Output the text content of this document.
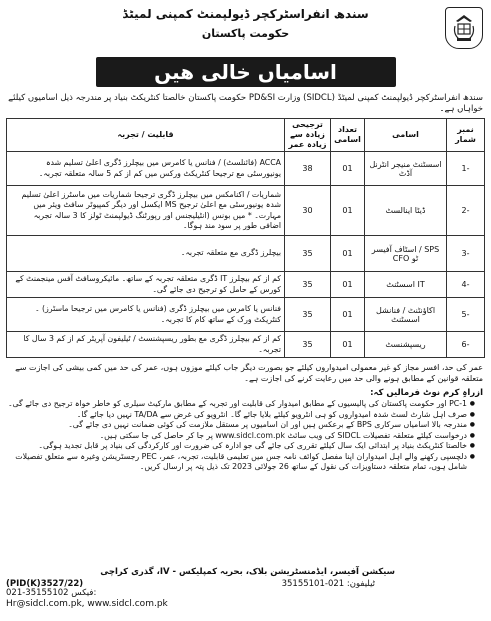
سندھ انفراسٹرکچر ڈیولپمنٹ کمپنی لمیٹڈ
حکومت پاکستان
اسامیاں خالی ھیں
سندھ انفراسٹرکچر ڈیولپمنٹ کمپنی لمیٹڈ (SIDCL) وزارت PD&SI حکومت پاکستان خالصتا کنٹریکٹ بنیاد پر مندرجہ ذیل اسامیوں کیلئے خواہاں ہے۔
نمبر شمار	اسامی	تعداد اسامی	ترجیحی زیادہ سے زیادہ عمر	قابلیت / تجربہ
-1	اسسٹنٹ منیجر انٹرنل آڈٹ	01	38	ACCA (فائنلسٹ) / فنانس یا کامرس میں بیچلرز ڈگری اعلیٰ تسلیم شدہ یونیورسٹی مع ترجیحا کنٹریکٹ ورکس میں کم از کم 5 سالہ متعلقہ تجربہ۔
-2	ڈیٹا اینالسٹ	01	30	شماریات / اکنامکس میں بیچلرز ڈگری ترجیحا شماریات میں ماسٹرز اعلیٰ تسلیم شدہ یونیورسٹی مع اعلیٰ ترجیح MS ایکسل اور دیگر کمپیوٹر سافٹ ویئر میں مہارت۔ * میں بونس (انٹیلیجنس اور رپورٹنگ ڈیولپمنٹ ٹولز کا 3 سالہ تجربہ اضافی طور پر سود مند ہوگا۔
-3	SPS / اسٹاف آفیسر ٹو CFO	01	35	بیچلرز ڈگری مع متعلقہ تجربہ۔
-4	IT اسسٹنٹ	01	35	کم از کم بیچلرز IT ڈگری متعلقہ تجربہ کے ساتھ۔ مائیکروسافٹ آفس مینجمنٹ کے کورس کے حامل کو ترجیح دی جائے گی۔
-5	اکاؤنٹنٹ / فنانشل اسسٹنٹ	01	35	فنانس یا کامرس میں بیچلرز ڈگری (فنانس یا کامرس میں ترجیحا ماسٹرز) ۔ کنٹریکٹ ورک کے ساتھ کام کا تجربہ۔
-6	ریسپشنسٹ	01	35	کم از کم بیچلرز ڈگری مع بطور ریسپشنسٹ / ٹیلیفون آپریٹر کم از کم 3 سال کا تجربہ۔
عمر کی حد، افسر مجاز کو غیر معمولی امیدواروں کیلئے جو بصورت دیگر جاب کیلئے موزوں ہوں، عمر کی حد میں کمی بیشی کی اجازت سے متعلقہ قوانین کے مطابق ہونے والی حد میں رعایت کرنے کی اجازت ہے۔
ازراہِ کرم نوٹ فرمالیں کہ:
● PC-1 اور حکومت پاکستان کی پالیسیوں کے مطابق امیدوار کی قابلیت اور تجربہ کے مطابق مارکیٹ سیلری کو خاطر خواہ ترجیح دی جائے گی۔
● صرف اہل شارٹ لسٹ شدہ امیدواروں کو ہی انٹرویو کیلئے بلایا جائے گا۔ انٹرویو کی غرض سے TA/DA نہیں دیا جائے گا۔
● مندرجہ بالا اسامیاں سرکاری BPS کے برعکس ہیں اور ان اسامیوں پر مستقل ملازمت کی کوئی ضمانت نہیں دی جائے گی۔
● درخواست کیلئے متعلقہ تفصیلات SIDCL کی ویب سائٹ www.sidcl.com.pk پر جا کر حاصل کی جا سکتی ہیں۔
● خالصتا کنٹریکٹ بنیاد پر ابتدائی ایک سال کیلئے تقرری کی جائے گی جو ادارہ کی ضرورت اور کارکردگی کی بنیاد پر قابل تجدید ہوگی۔
● دلچسپی رکھنے والے اہل امیدواران اپنا مفصل کوائف نامہ جس میں تعلیمی قابلیت، تجربہ، عمر، PEC رجسٹریشن وغیرہ سے متعلق تفصیلات شامل ہوں، تمام متعلقہ دستاویزات کی نقول کے ساتھ 26 جولائی 2023 تک ذیل پتہ پر ارسال کریں۔
سیکشن آفیسر، ایڈمنسٹریشن بلاک، بحریہ کمپلیکس - IV، گذری کراچی
ٹیلیفون: 021-35155101
021-35155102 فیکس:
(PID(K)3527/22)
Hr@sidcl.com.pk, www.sidcl.com.pk
